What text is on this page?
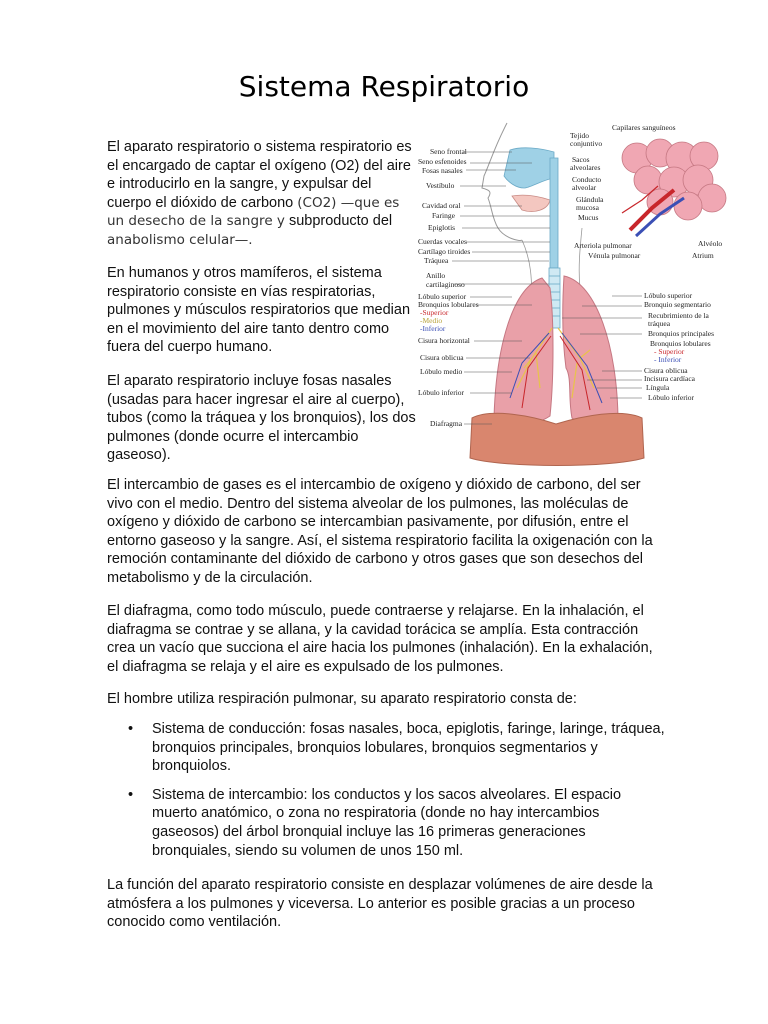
Sistema Respiratorio

El aparato respiratorio o sistema respiratorio es el encargado de captar el oxígeno (O2) del aire e introducirlo en la sangre, y expulsar del cuerpo el dióxido de carbono (CO2) —que es un desecho de la sangre y subproducto del anabolismo celular—.

En humanos y otros mamíferos, el sistema respiratorio consiste en vías respiratorias, pulmones y músculos respiratorios que median en el movimiento del aire tanto dentro como fuera del cuerpo humano.

El aparato respiratorio incluye fosas nasales (usadas para hacer ingresar el aire al cuerpo), tubos (como la tráquea y los bronquios), los dos pulmones (donde ocurre el intercambio gaseoso).

El intercambio de gases es el intercambio de oxígeno y dióxido de carbono, del ser vivo con el medio. Dentro del sistema alveolar de los pulmones, las moléculas de oxígeno y dióxido de carbono se intercambian pasivamente, por difusión, entre el entorno gaseoso y la sangre. Así, el sistema respiratorio facilita la oxigenación con la remoción contaminante del dióxido de carbono y otros gases que son desechos del metabolismo y de la circulación.

El diafragma, como todo músculo, puede contraerse y relajarse. En la inhalación, el diafragma se contrae y se allana, y la cavidad torácica se amplía. Esta contracción crea un vacío que succiona el aire hacia los pulmones (inhalación). En la exhalación, el diafragma se relaja y el aire es expulsado de los pulmones.

El hombre utiliza respiración pulmonar, su aparato respiratorio consta de:

• Sistema de conducción: fosas nasales, boca, epiglotis, faringe, laringe, tráquea, bronquios principales, bronquios lobulares, bronquios segmentarios y bronquiolos.
• Sistema de intercambio: los conductos y los sacos alveolares. El espacio muerto anatómico, o zona no respiratoria (donde no hay intercambios gaseosos) del árbol bronquial incluye las 16 primeras generaciones bronquiales, siendo su volumen de unos 150 ml.

La función del aparato respiratorio consiste en desplazar volúmenes de aire desde la atmósfera a los pulmones y viceversa. Lo anterior es posible gracias a un proceso conocido como ventilación.

Seno frontal
Seno esfenoides
Fosas nasales
Vestíbulo
Cavidad oral
Faringe
Epiglotis
Cuerdas vocales
Cartílago tiroides
Tráquea
Anillo
cartilaginoso
Lóbulo superior
Bronquios lobulares
-Superior
-Medio
-Inferior
Cisura horizontal
Cisura oblicua
Lóbulo medio
Lóbulo inferior
Diafragma
Capilares sanguíneos
Tejido
conjuntivo
Sacos
alveolares
Conducto
alveolar
Glándula
mucosa
Mucus
Arteriola pulmonar
Vénula pulmonar
Alvéolo
Atrium
Lóbulo superior
Bronquio segmentario
Recubrimiento de la
tráquea
Bronquios principales
Bronquios lobulares
- Superior
- Inferior
Cisura oblicua
Incisura cardíaca
Língula
Lóbulo inferior
